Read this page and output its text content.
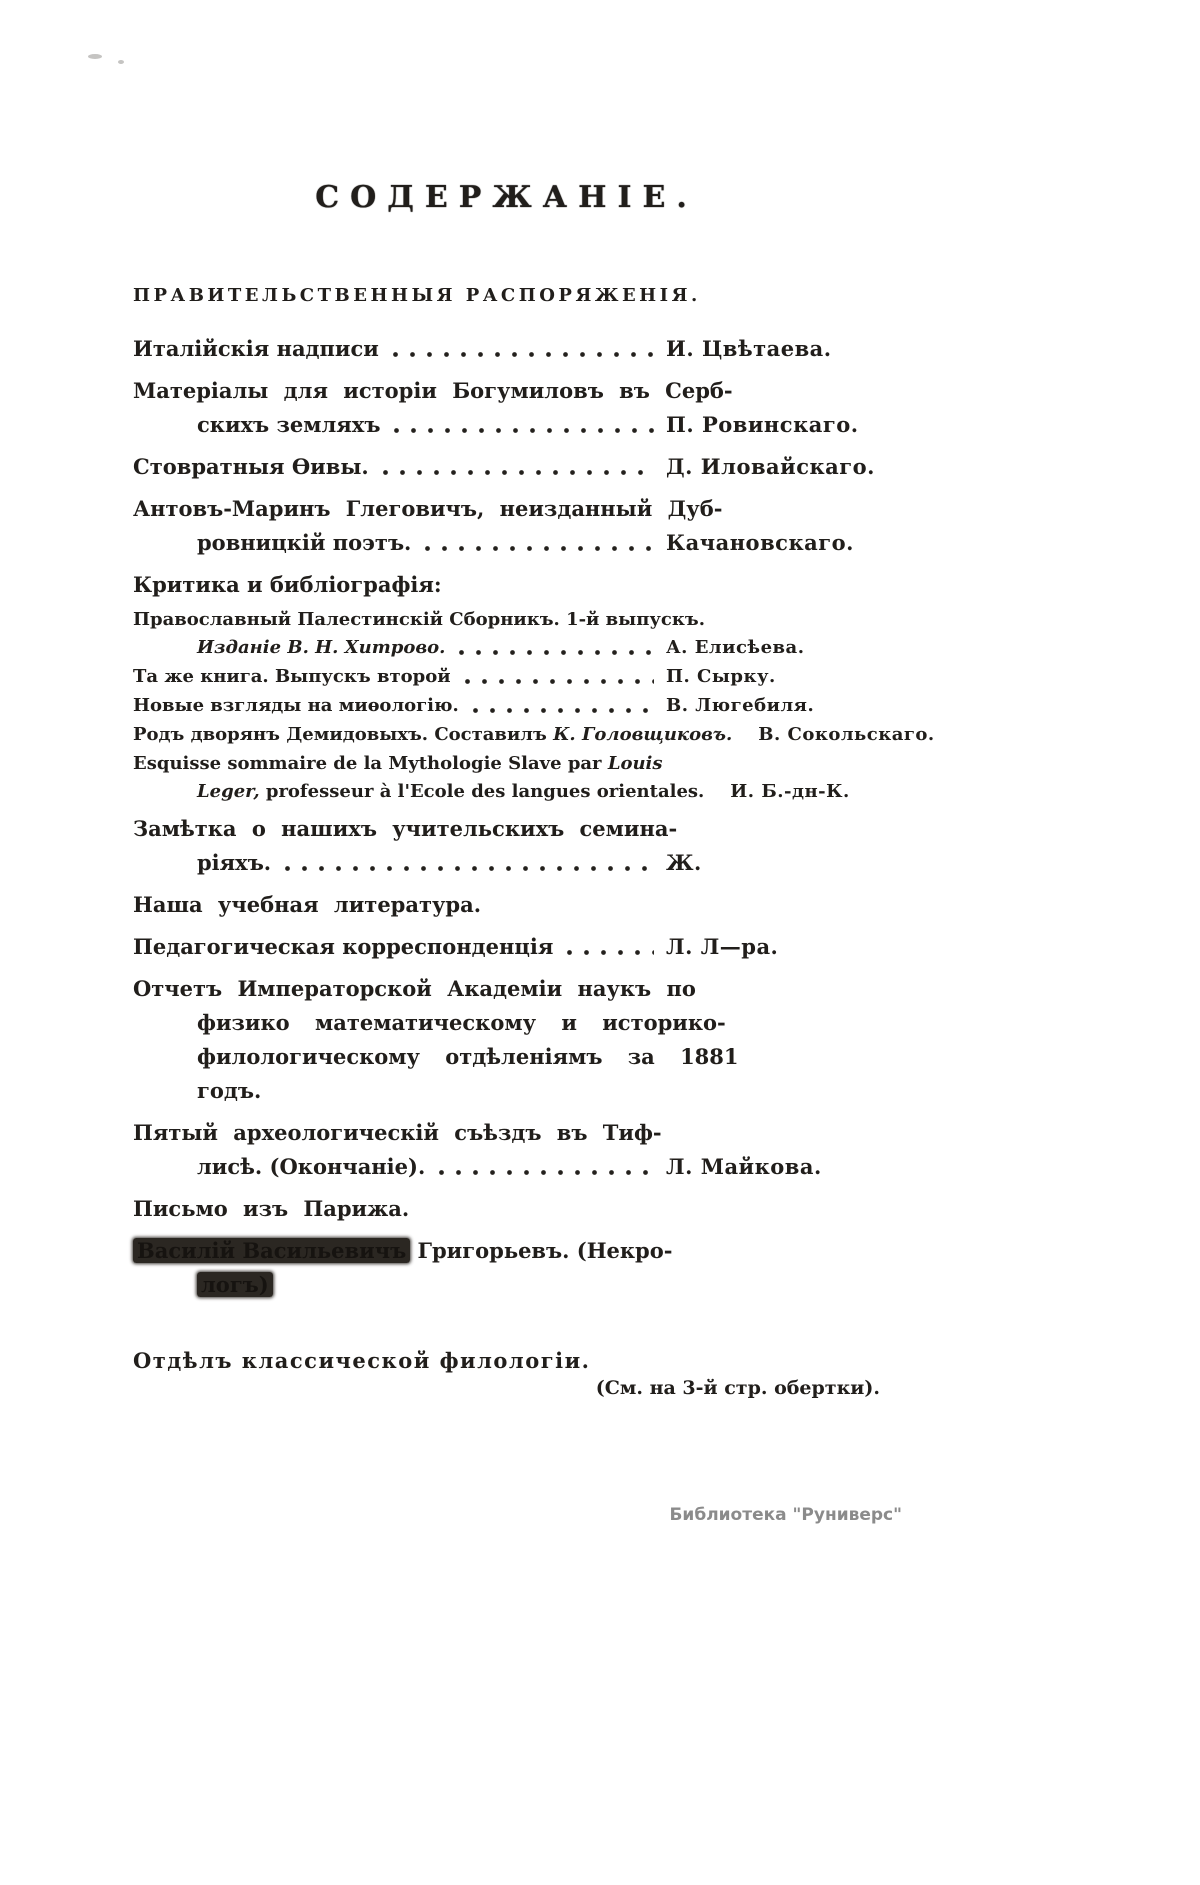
СОДЕРЖАНІЕ.
ПРАВИТЕЛЬСТВЕННЫЯ РАСПОРЯЖЕНІЯ.
Италійскія надписи	И. Цвѣтаева.
Матеріалы для исторіи Богумиловъ въ Серб-
скихъ земляхъ	П. Ровинскаго.
Стовратныя Ѳивы.	Д. Иловайскаго.
Антовъ-Маринъ Глеговичъ, неизданный Дуб-
ровницкій поэтъ.	Качановскаго.
Критика и библіографія:
Православный Палестинскій Сборникъ. 1-й выпускъ.
Изданіе В. Н. Хитрово.	А. Елисѣева.
Та же книга. Выпускъ второй	П. Сырку.
Новые взгляды на миѳологію.	В. Люгебиля.
Родъ дворянъ Демидовыхъ. Составилъ К. Головщиковъ. В. Сокольскаго.
Esquisse sommaire de la Mythologie Slave par Louis
Leger, professeur à l'Ecole des langues orientales. И. Б.-дн-К.
Замѣтка о нашихъ учительскихъ семина-
ріяхъ.	Ж.
Наша учебная литература.
Педагогическая корреспонденція	Л. Л—ра.
Отчетъ Императорской Академіи наукъ по
физико математическому и историко-
филологическому отдѣленіямъ за 1881
годъ.
Пятый археологическій съѣздъ въ Тиф-
лисѣ. (Окончаніе).	Л. Майкова.
Письмо изъ Парижа.
Василій Васильевичъ Григорьевъ. (Некро-
логъ)
Отдѣлъ классической филологіи.
(См. на 3-й стр. обертки).
Библиотека "Руниверс"
